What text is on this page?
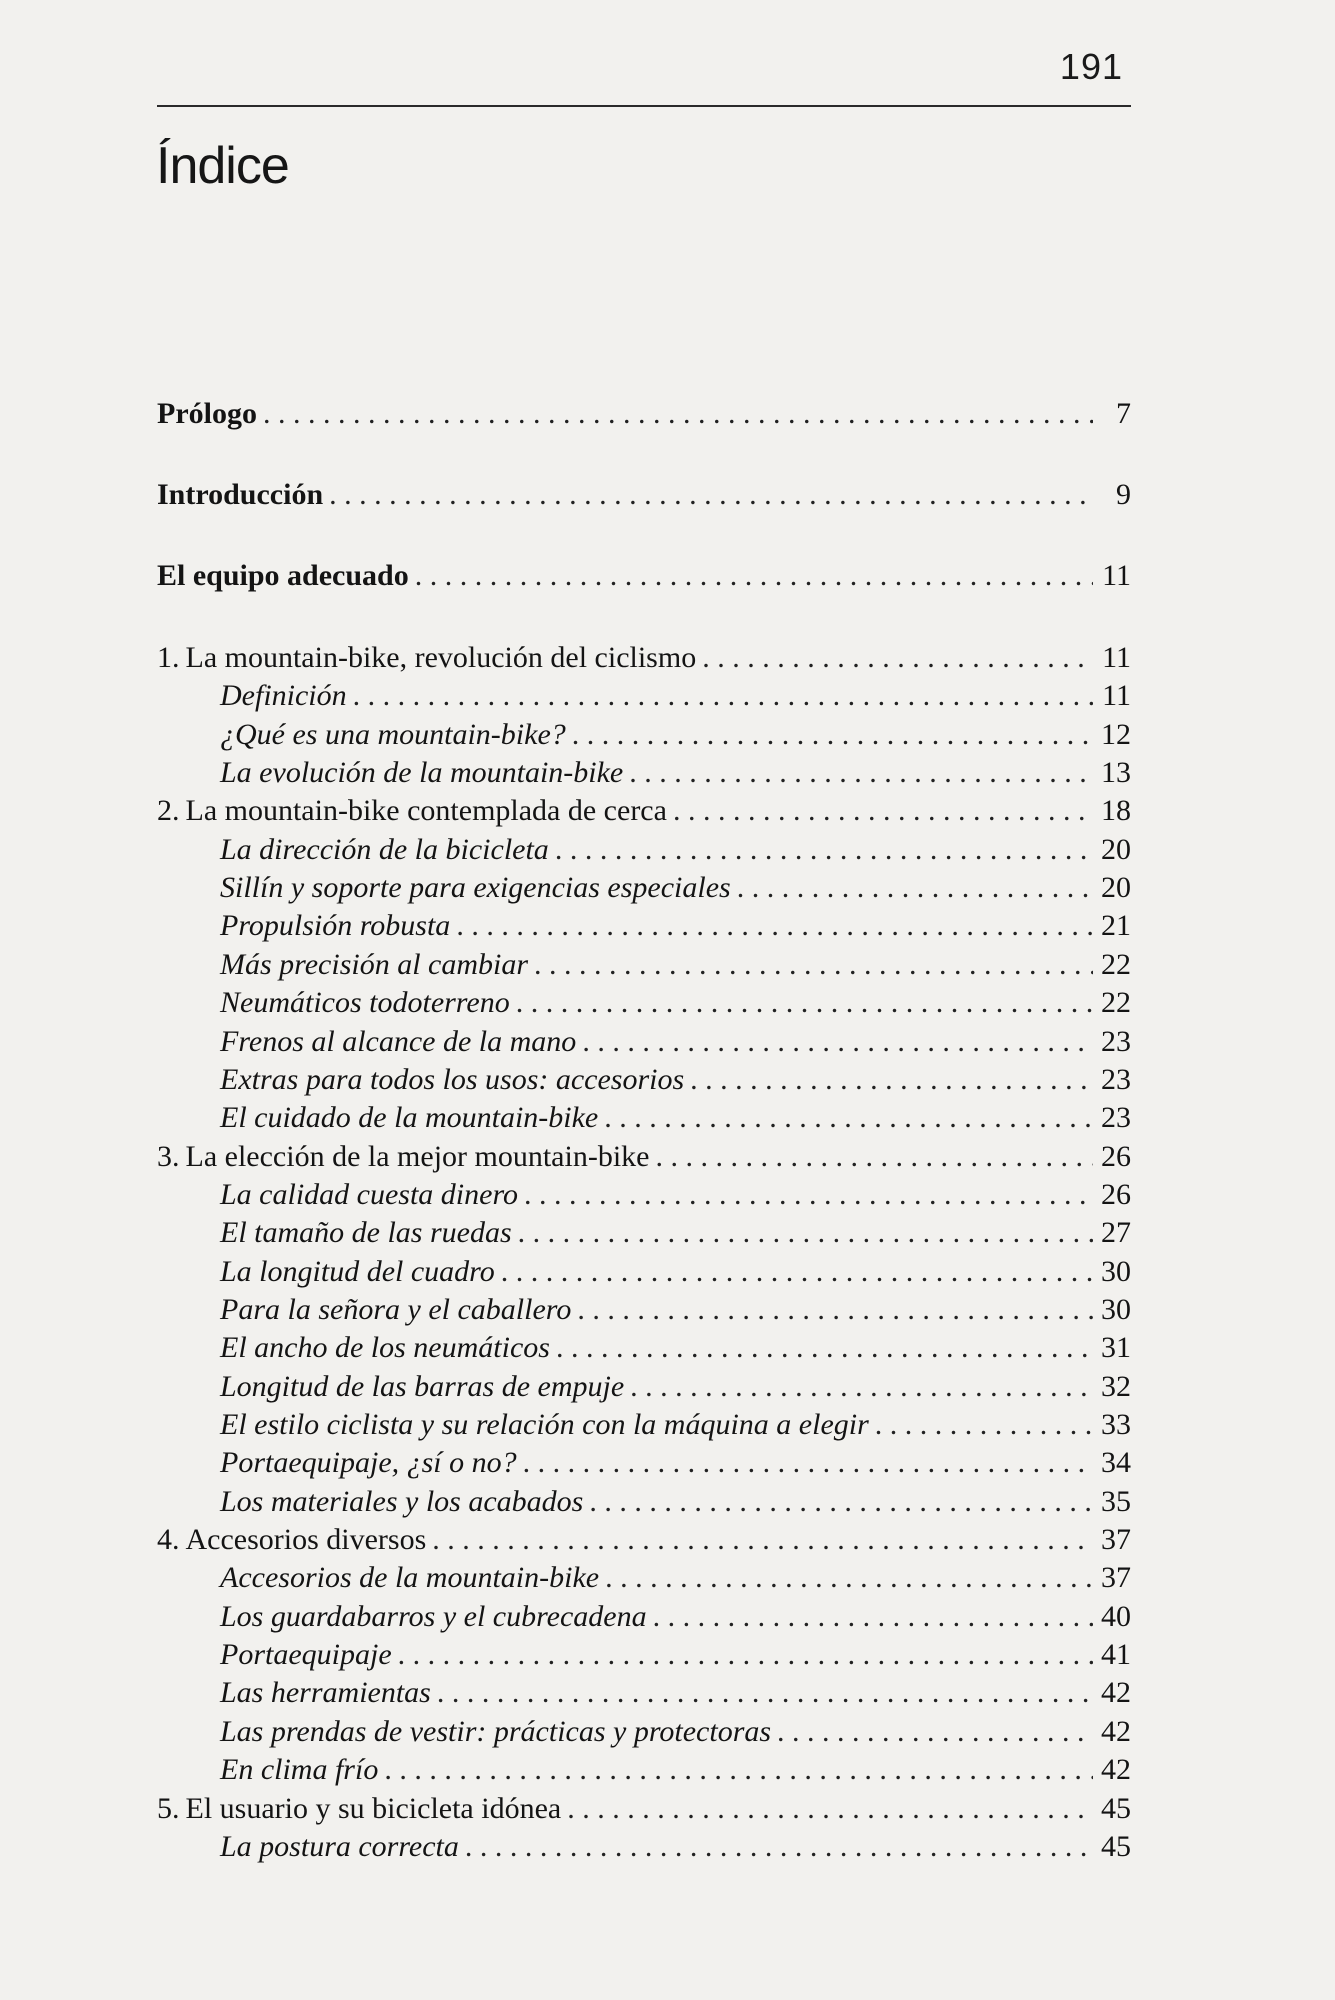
191
Índice
Prólogo . . .	7
Introducción . . .	9
El equipo adecuado . . .	11
1. La mountain-bike, revolución del ciclismo . . .	11
Definición . . .	11
¿Qué es una mountain-bike? . . .	12
La evolución de la mountain-bike . . .	13
2. La mountain-bike contemplada de cerca . . .	18
La dirección de la bicicleta . . .	20
Sillín y soporte para exigencias especiales . . .	20
Propulsión robusta . . .	21
Más precisión al cambiar . . .	22
Neumáticos todoterreno . . .	22
Frenos al alcance de la mano . . .	23
Extras para todos los usos: accesorios . . .	23
El cuidado de la mountain-bike . . .	23
3. La elección de la mejor mountain-bike . . .	26
La calidad cuesta dinero . . .	26
El tamaño de las ruedas . . .	27
La longitud del cuadro . . .	30
Para la señora y el caballero . . .	30
El ancho de los neumáticos . . .	31
Longitud de las barras de empuje . . .	32
El estilo ciclista y su relación con la máquina a elegir . . .	33
Portaequipaje, ¿sí o no? . . .	34
Los materiales y los acabados . . .	35
4. Accesorios diversos . . .	37
Accesorios de la mountain-bike . . .	37
Los guardabarros y el cubrecadena . . .	40
Portaequipaje . . .	41
Las herramientas . . .	42
Las prendas de vestir: prácticas y protectoras . . .	42
En clima frío . . .	42
5. El usuario y su bicicleta idónea . . .	45
La postura correcta . . .	45
